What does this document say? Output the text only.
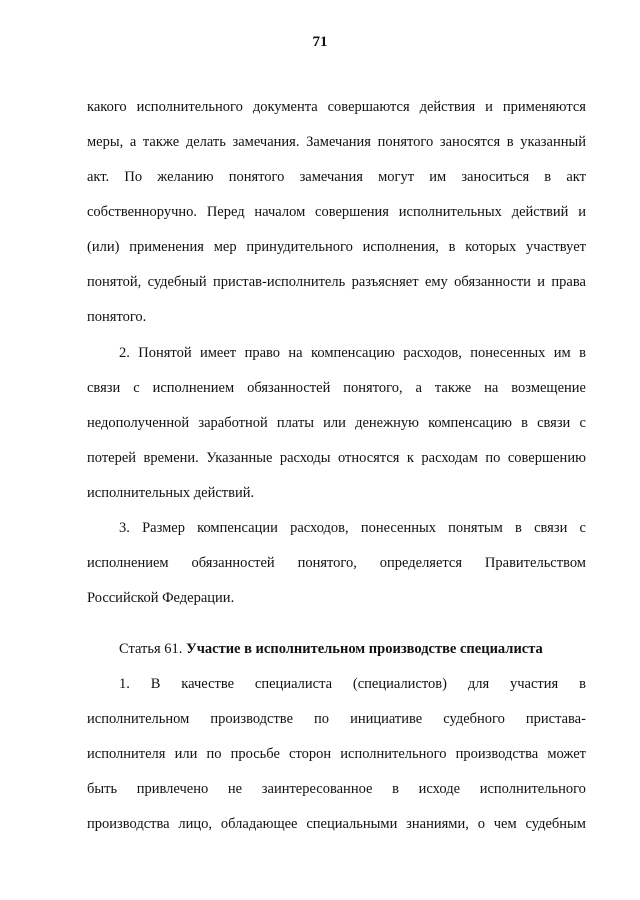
71
какого исполнительного документа совершаются действия и применяются
меры, а также делать замечания. Замечания понятого заносятся в указанный
акт. По желанию понятого замечания могут им заноситься в акт
собственноручно. Перед началом совершения исполнительных действий и
(или) применения мер принудительного исполнения, в которых участвует
понятой, судебный пристав-исполнитель разъясняет ему обязанности и права
понятого.
2. Понятой имеет право на компенсацию расходов, понесенных им в
связи с исполнением обязанностей понятого, а также на возмещение
недополученной заработной платы или денежную компенсацию в связи с
потерей времени. Указанные расходы относятся к расходам по совершению
исполнительных действий.
3. Размер компенсации расходов, понесенных понятым в связи с
исполнением обязанностей понятого, определяется Правительством
Российской Федерации.
1. В качестве специалиста (специалистов) для участия в
исполнительном производстве по инициативе судебного пристава-
исполнителя или по просьбе сторон исполнительного производства может
быть привлечено не заинтересованное в исходе исполнительного
производства лицо, обладающее специальными знаниями, о чем судебным
Статья 61. Участие в исполнительном производстве специалиста
